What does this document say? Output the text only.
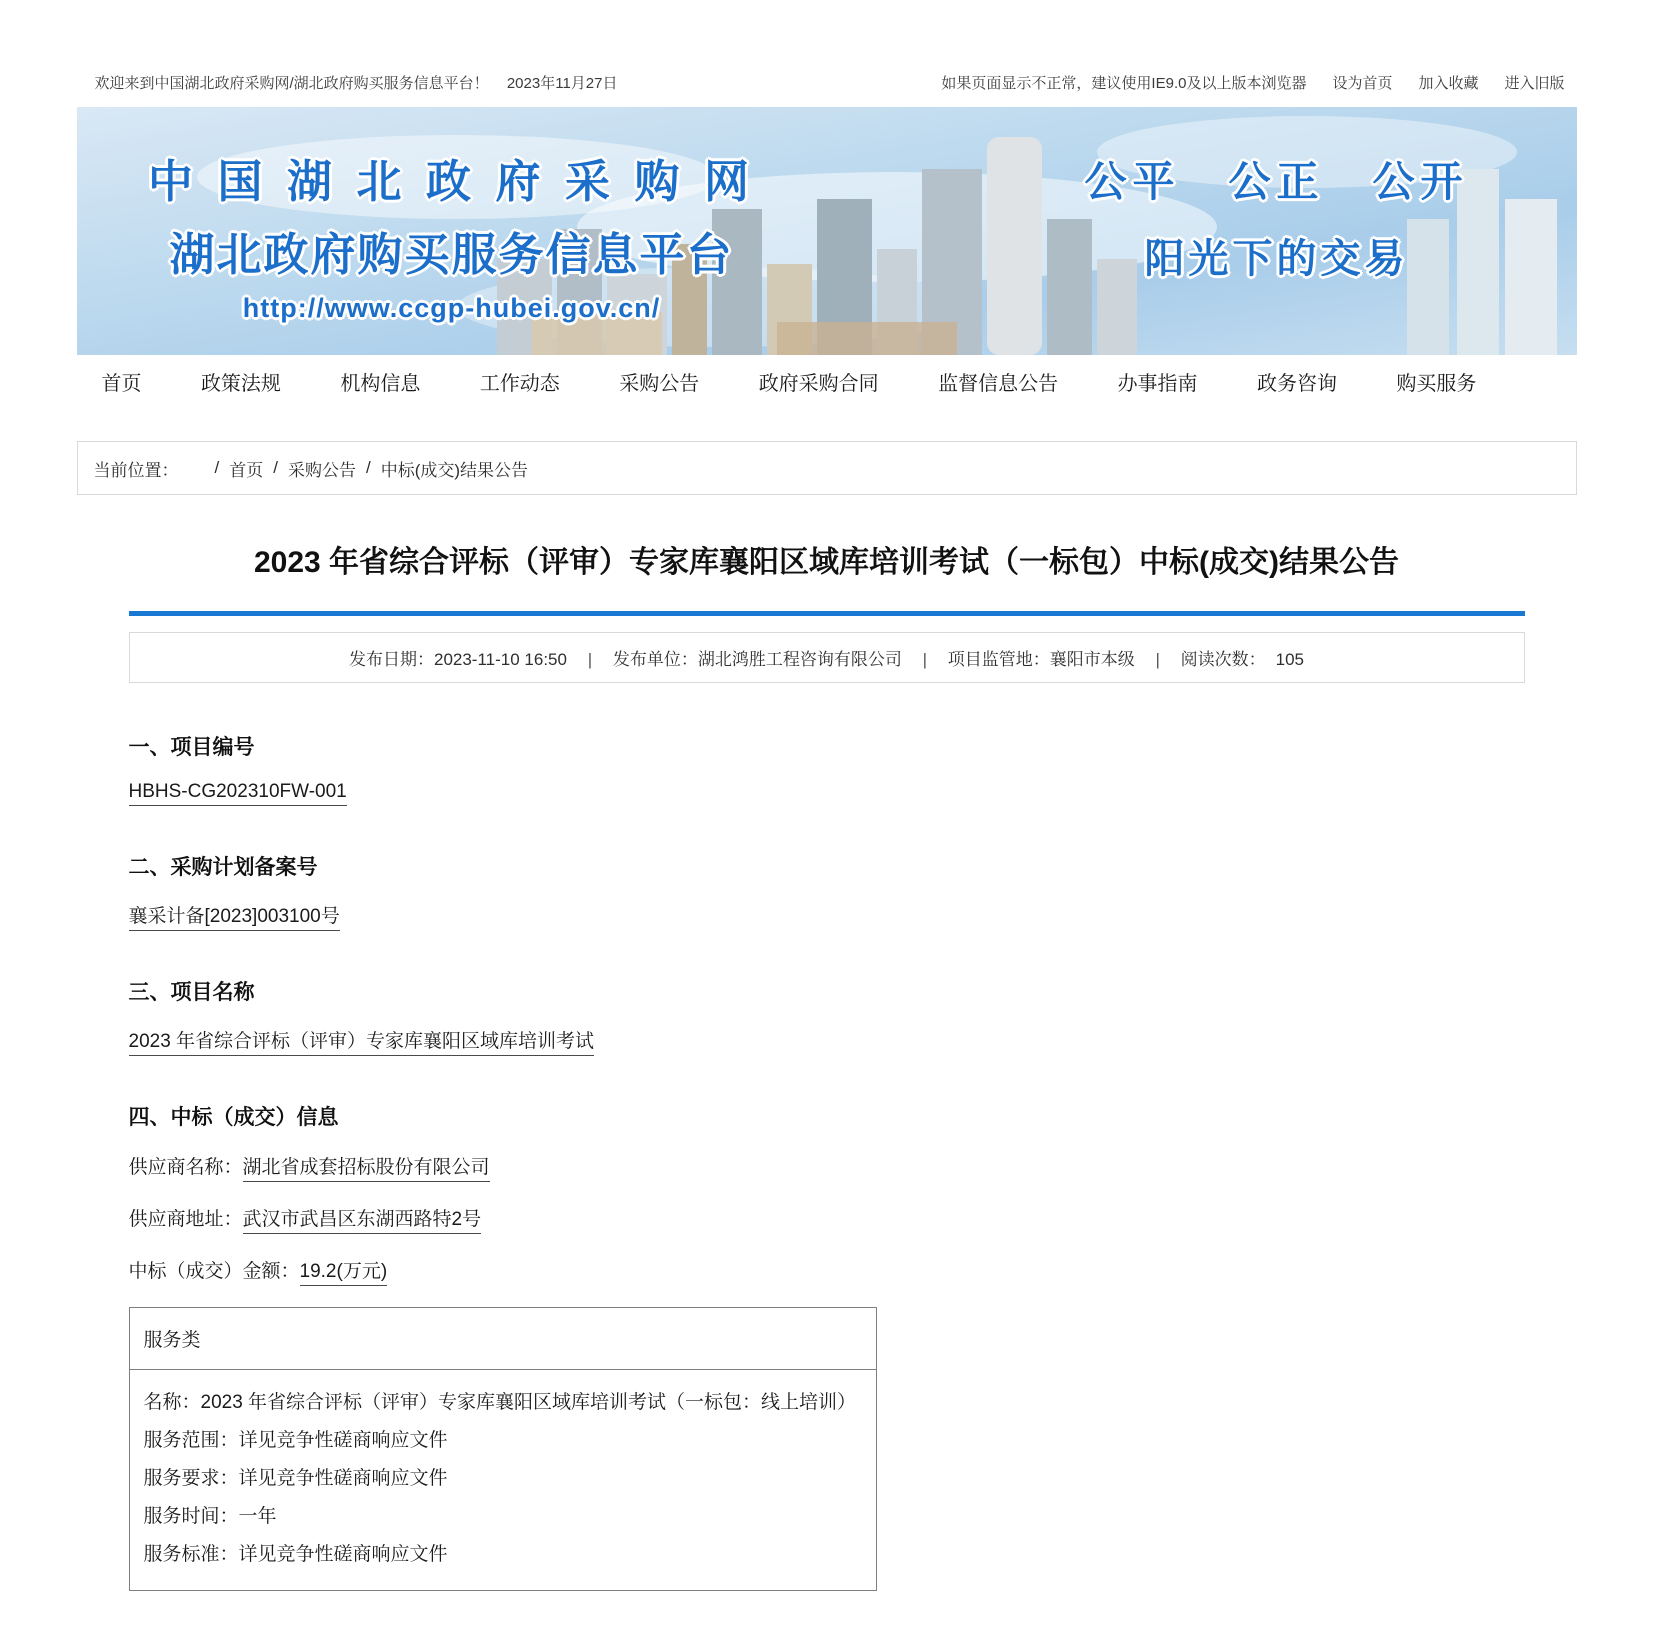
欢迎来到中国湖北政府采购网/湖北政府购买服务信息平台！ 2023年11月27日	如果页面显示不正常，建议使用IE9.0及以上版本浏览器 设为首页 加入收藏 进入旧版
中 国 湖 北 政 府 采 购 网
湖北政府购买服务信息平台
http://www.ccgp-hubei.gov.cn/
公平　公正　公开
阳光下的交易
首页	政策法规	机构信息	工作动态	采购公告	政府采购合同	监督信息公告	办事指南	政务咨询	购买服务
当前位置： / 首页 / 采购公告 / 中标(成交)结果公告
2023 年省综合评标（评审）专家库襄阳区域库培训考试（一标包）中标(成交)结果公告
发布日期：2023-11-10 16:50 | 发布单位：湖北鸿胜工程咨询有限公司 | 项目监管地：襄阳市本级 | 阅读次数： 105
一、项目编号
HBHS-CG202310FW-001
二、采购计划备案号
襄采计备[2023]003100号
三、项目名称
2023 年省综合评标（评审）专家库襄阳区域库培训考试
四、中标（成交）信息
供应商名称：湖北省成套招标股份有限公司
供应商地址：武汉市武昌区东湖西路特2号
中标（成交）金额：19.2(万元)
服务类
名称：2023 年省综合评标（评审）专家库襄阳区域库培训考试（一标包：线上培训）
服务范围：详见竞争性磋商响应文件
服务要求：详见竞争性磋商响应文件
服务时间：一年
服务标准：详见竞争性磋商响应文件
